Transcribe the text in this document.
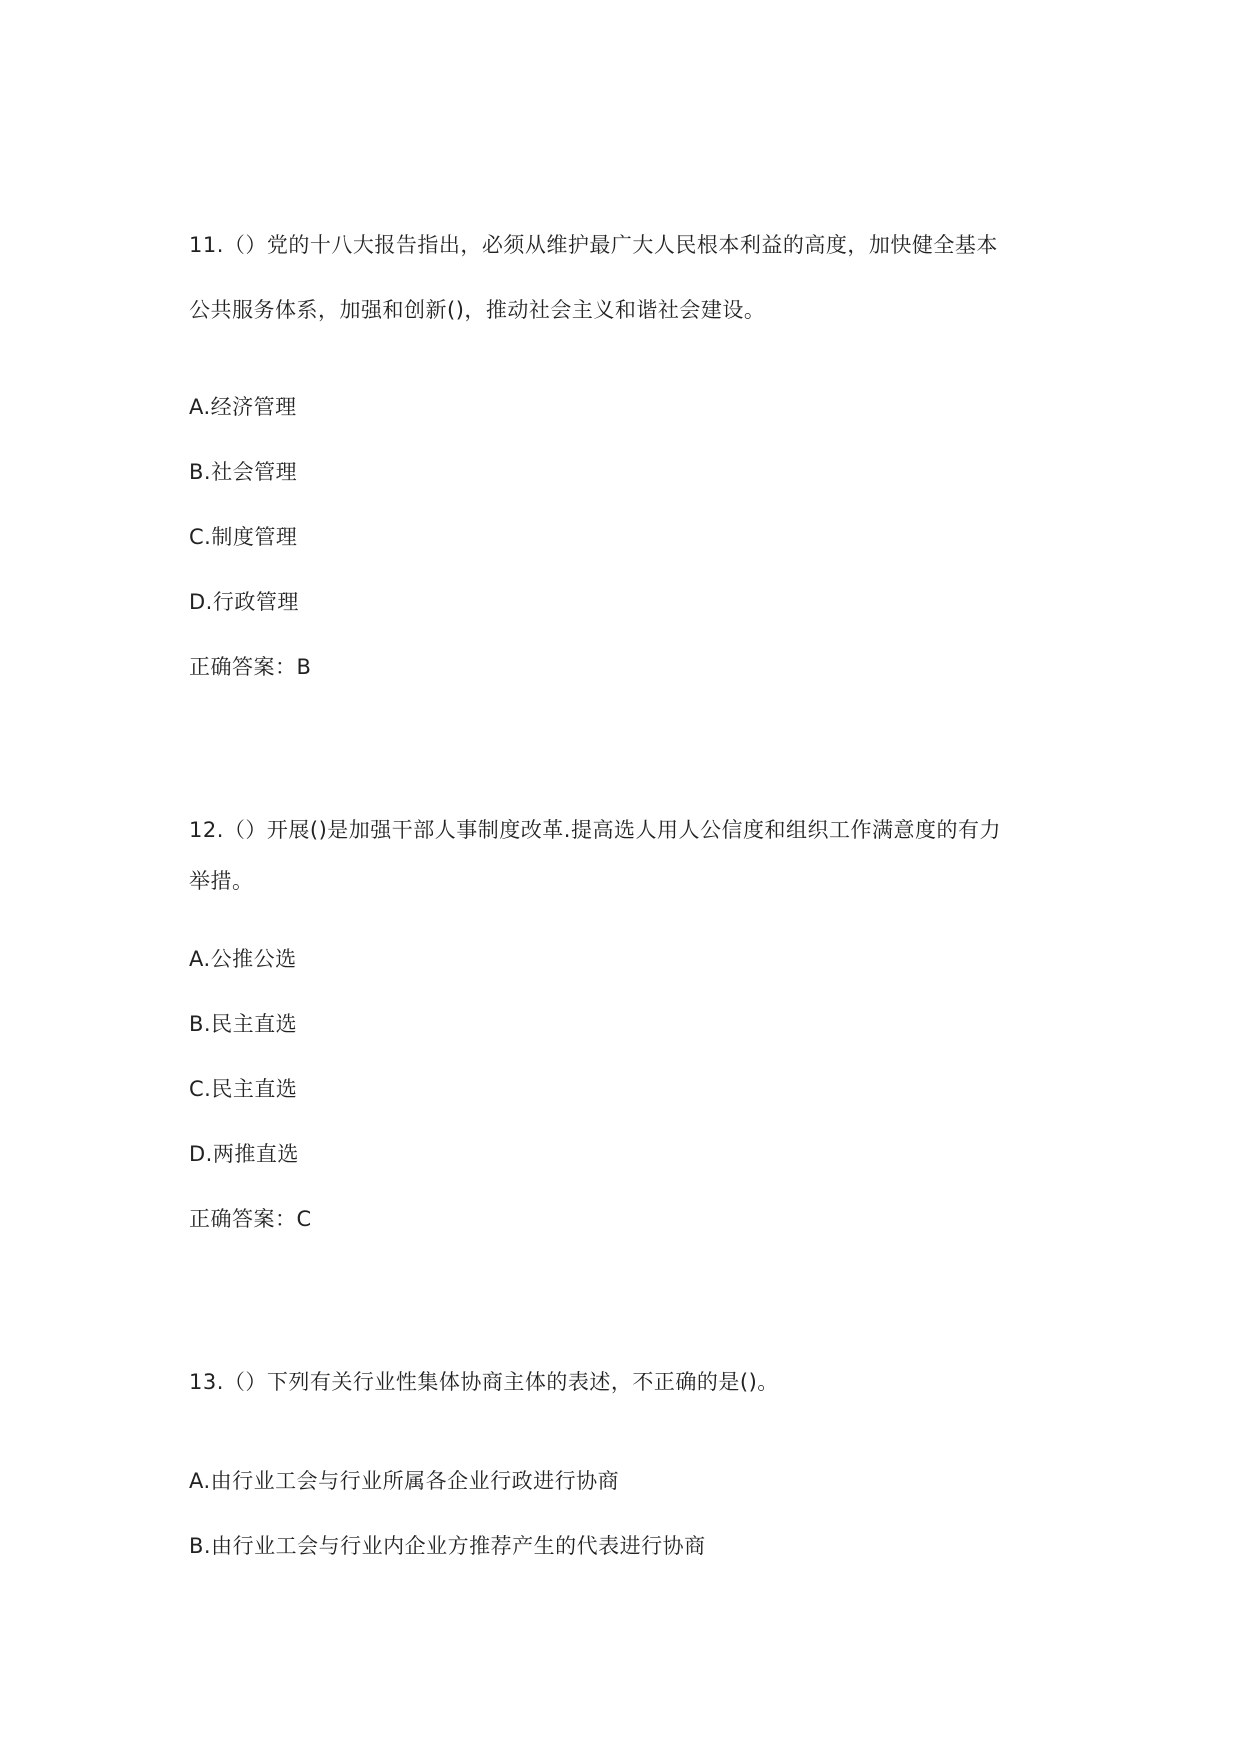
11.（）党的十八大报告指出，必须从维护最广大人民根本利益的高度，加快健全基本
公共服务体系，加强和创新()，推动社会主义和谐社会建设。
A.经济管理
B.社会管理
C.制度管理
D.行政管理
正确答案：B
12.（）开展()是加强干部人事制度改革.提高选人用人公信度和组织工作满意度的有力
举措。
A.公推公选
B.民主直选
C.民主直选
D.两推直选
正确答案：C
13.（）下列有关行业性集体协商主体的表述，不正确的是()。
A.由行业工会与行业所属各企业行政进行协商
B.由行业工会与行业内企业方推荐产生的代表进行协商
